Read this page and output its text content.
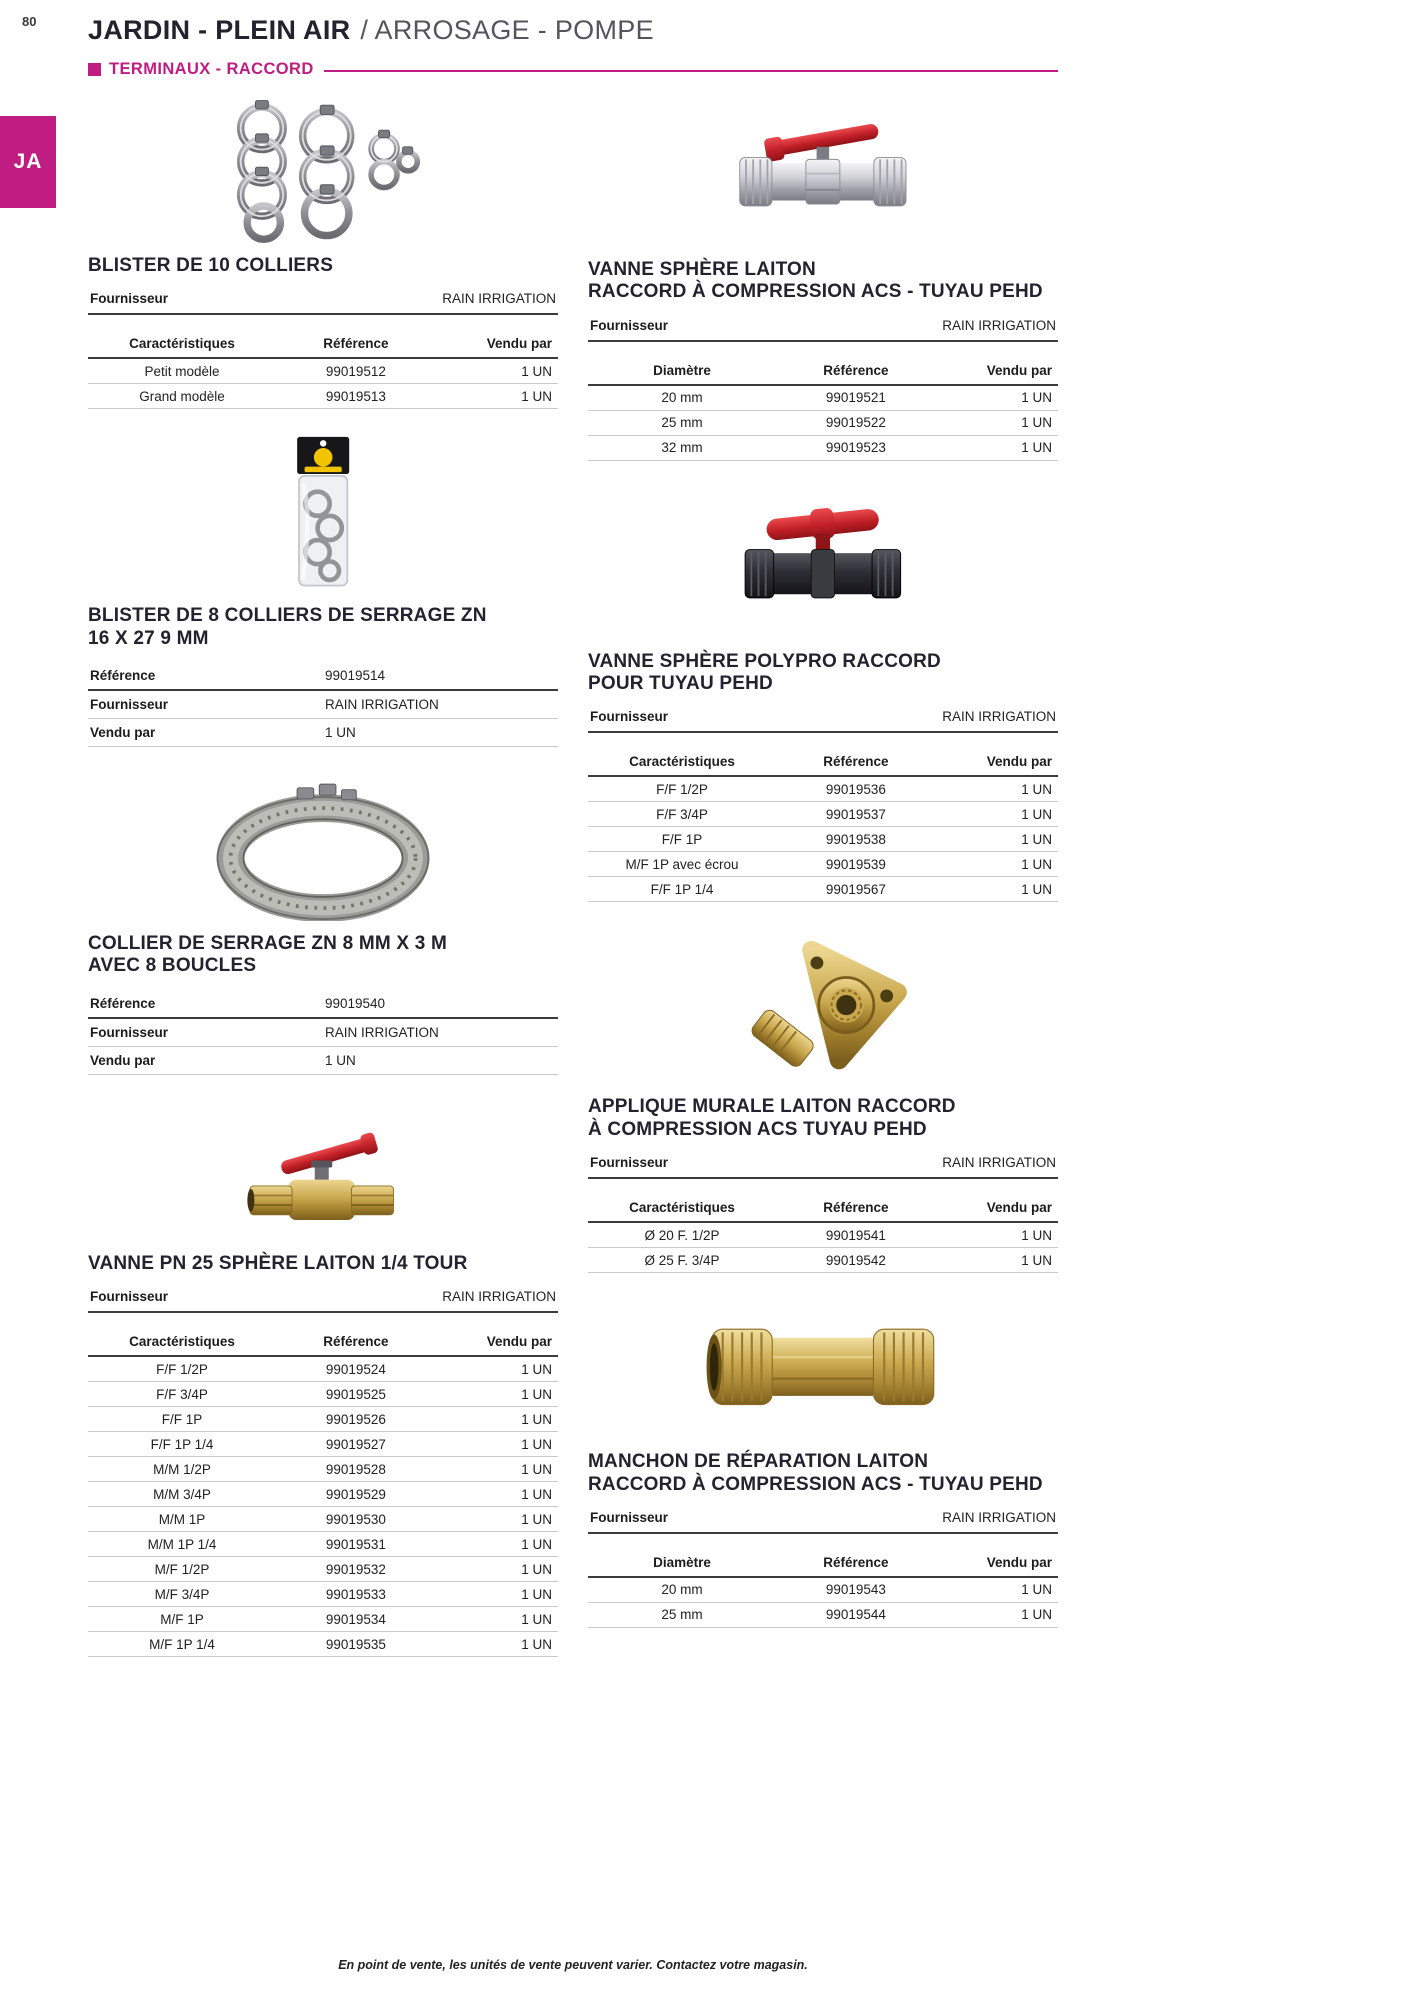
80
JA
JARDIN - PLEIN AIR / ARROSAGE - POMPE
TERMINAUX - RACCORD
BLISTER DE 10 COLLIERS
Fournisseur	RAIN IRRIGATION
Caractéristiques	Référence	Vendu par
Petit modèle	99019512	1 UN
Grand modèle	99019513	1 UN
BLISTER DE 8 COLLIERS DE SERRAGE ZN
16 X 27 9 MM
Référence	99019514
Fournisseur	RAIN IRRIGATION
Vendu par	1 UN
COLLIER DE SERRAGE ZN 8 MM X 3 M
AVEC 8 BOUCLES
Référence	99019540
Fournisseur	RAIN IRRIGATION
Vendu par	1 UN
VANNE PN 25 SPHÈRE LAITON 1/4 TOUR
Fournisseur	RAIN IRRIGATION
Caractéristiques	Référence	Vendu par
F/F 1/2P	99019524	1 UN
F/F 3/4P	99019525	1 UN
F/F 1P	99019526	1 UN
F/F 1P 1/4	99019527	1 UN
M/M 1/2P	99019528	1 UN
M/M 3/4P	99019529	1 UN
M/M 1P	99019530	1 UN
M/M 1P 1/4	99019531	1 UN
M/F 1/2P	99019532	1 UN
M/F 3/4P	99019533	1 UN
M/F 1P	99019534	1 UN
M/F 1P 1/4	99019535	1 UN
VANNE SPHÈRE LAITON
RACCORD À COMPRESSION ACS - TUYAU PEHD
Fournisseur	RAIN IRRIGATION
Diamètre	Référence	Vendu par
20 mm	99019521	1 UN
25 mm	99019522	1 UN
32 mm	99019523	1 UN
VANNE SPHÈRE POLYPRO RACCORD
POUR TUYAU PEHD
Fournisseur	RAIN IRRIGATION
Caractéristiques	Référence	Vendu par
F/F 1/2P	99019536	1 UN
F/F 3/4P	99019537	1 UN
F/F 1P	99019538	1 UN
M/F 1P avec écrou	99019539	1 UN
F/F 1P 1/4	99019567	1 UN
APPLIQUE MURALE LAITON RACCORD
À COMPRESSION ACS TUYAU PEHD
Fournisseur	RAIN IRRIGATION
Caractéristiques	Référence	Vendu par
Ø 20 F. 1/2P	99019541	1 UN
Ø 25 F. 3/4P	99019542	1 UN
MANCHON DE RÉPARATION LAITON
RACCORD À COMPRESSION ACS - TUYAU PEHD
Fournisseur	RAIN IRRIGATION
Diamètre	Référence	Vendu par
20 mm	99019543	1 UN
25 mm	99019544	1 UN
En point de vente, les unités de vente peuvent varier. Contactez votre magasin.
